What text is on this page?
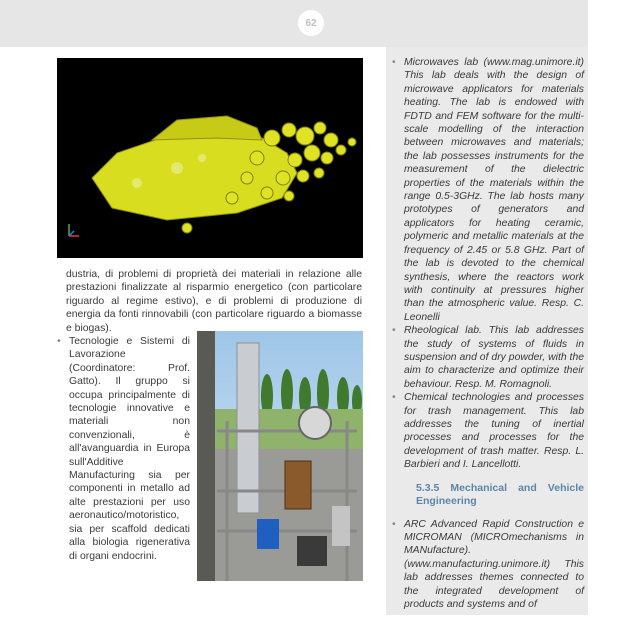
62

dustria, di problemi di proprietà dei materiali in relazione alle prestazioni finalizzate al risparmio energetico (con particolare riguardo al regime estivo), e di problemi di produzione di energia da fonti rinnovabili (con particolare riguardo a biomasse e biogas).

• Tecnologie e Sistemi di Lavorazione (Coordinatore: Prof. Gatto). Il gruppo si occupa principalmente di tecnologie innovative e materiali non convenzionali, è all'avanguardia in Europa sull'Additive Manufacturing sia per componenti in metallo ad alte prestazioni per uso aeronautico/motoristico, sia per scaffold dedicati alla biologia rigenerativa di organi endocrini.

• Microwaves lab (www.mag.unimore.it) This lab deals with the design of microwave applicators for materials heating. The lab is endowed with FDTD and FEM software for the multi-scale modelling of the interaction between microwaves and materials; the lab possesses instruments for the measurement of the dielectric properties of the materials within the range 0.5-3GHz. The lab hosts many prototypes of generators and applicators for heating ceramic, polymeric and metallic materials at the frequency of 2.45 or 5.8 GHz. Part of the lab is devoted to the chemical synthesis, where the reactors work with continuity at pressures higher than the atmospheric value. Resp. C. Leonelli
• Rheological lab. This lab addresses the study of systems of fluids in suspension and of dry powder, with the aim to characterize and optimize their behaviour. Resp. M. Romagnoli.
• Chemical technologies and processes for trash management. This lab addresses the tuning of inertial processes and processes for the development of trash matter. Resp. L. Barbieri and I. Lancellotti.
5.3.5 Mechanical and Vehicle Engineering
• ARC Advanced Rapid Construction e MICROMAN (MICROmechanisms in MANufacture). (www.manufacturing.unimore.it) This lab addresses themes connected to the integrated development of products and systems and of
